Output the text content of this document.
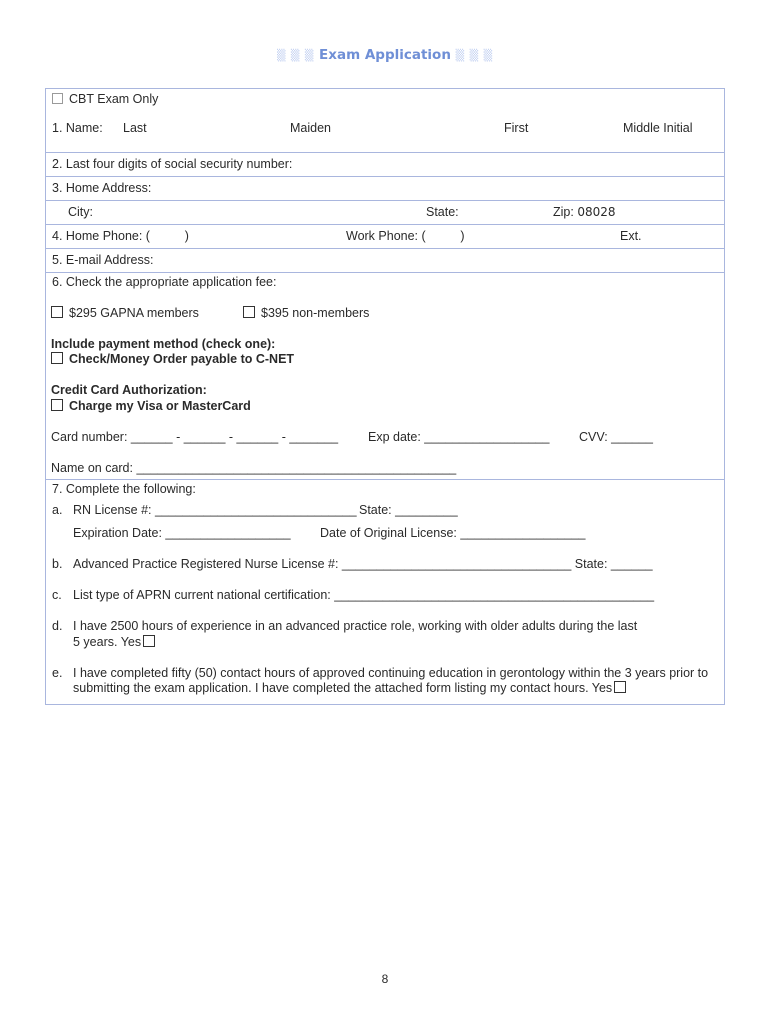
▒ ▒ ▒ Exam Application ▒ ▒ ▒
CBT Exam Only
1. Name: Last	Maiden	First	Middle Initial
2. Last four digits of social security number:
3. Home Address:
City:	State:	Zip: 08028
4. Home Phone: (          )	Work Phone: (          )	Ext.
5. E-mail Address:
6. Check the appropriate application fee:
$295 GAPNA members	$395 non-members
Include payment method (check one):
Check/Money Order payable to C-NET
Credit Card Authorization:
Charge my Visa or MasterCard
Card number: ______ - ______ - ______ - _______ Exp date: __________________ CVV: ______
Name on card: ______________________________________________
7. Complete the following:
a. RN License #: _____________________________ State: _________
Expiration Date: __________________ Date of Original License: __________________
b. Advanced Practice Registered Nurse License #: _________________________________ State: ______
c. List type of APRN current national certification: ______________________________________________
d. I have 2500 hours of experience in an advanced practice role, working with older adults during the last
5 years. Yes
e. I have completed fifty (50) contact hours of approved continuing education in gerontology within the 3 years prior to
submitting the exam application. I have completed the attached form listing my contact hours. Yes
8
